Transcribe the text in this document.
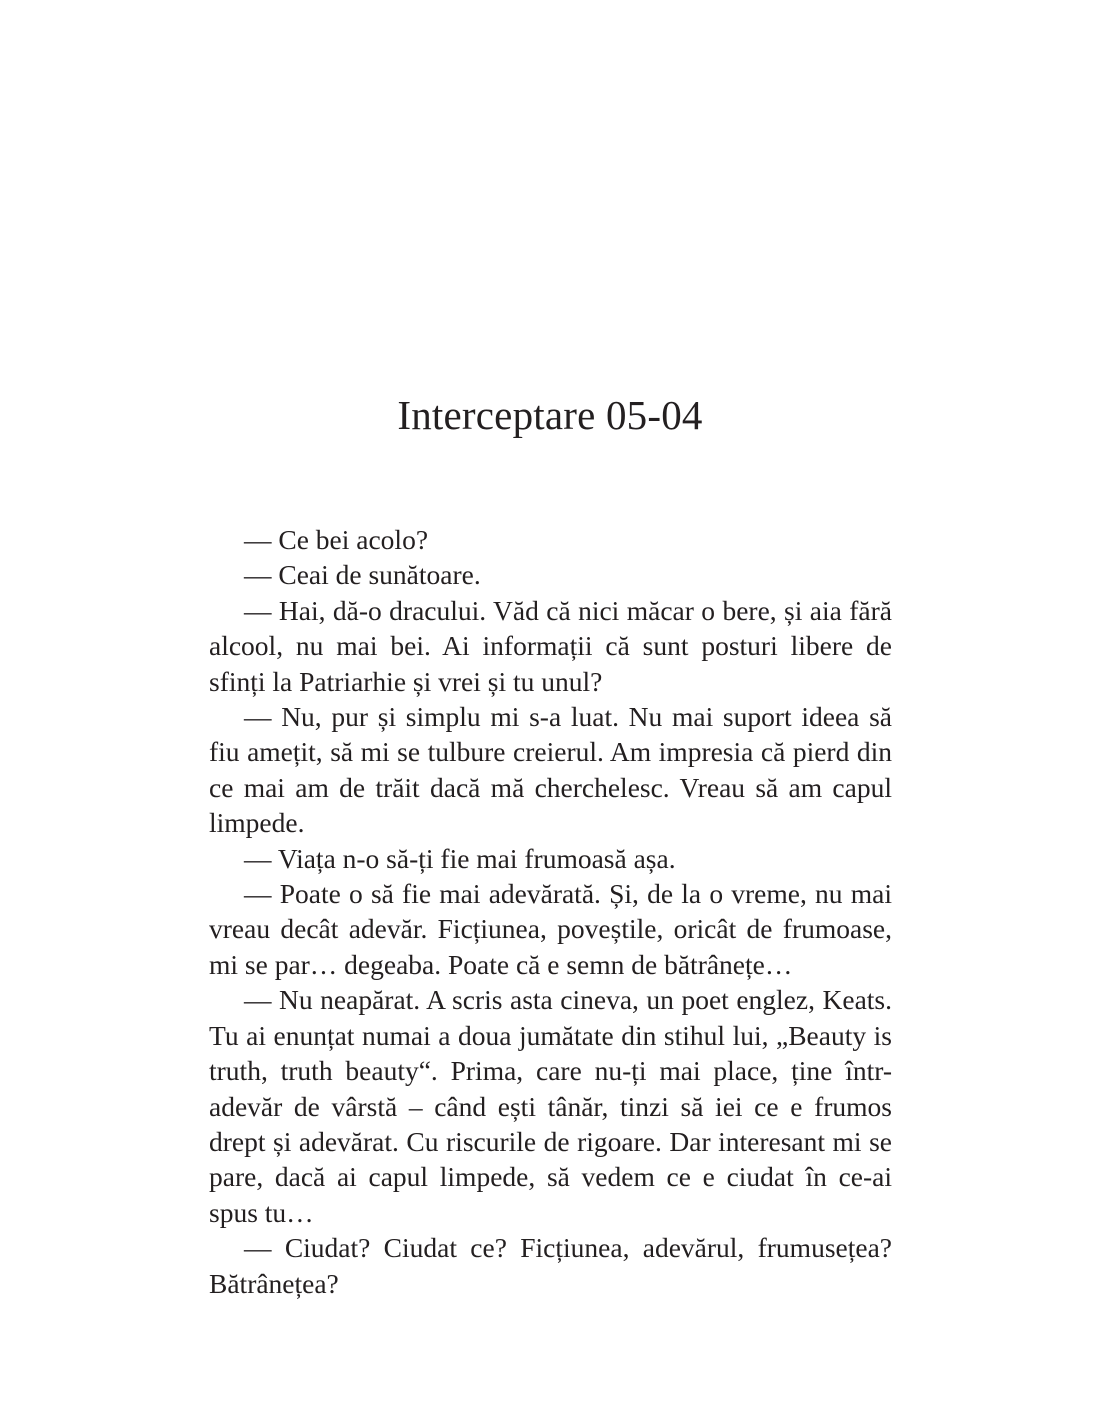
Interceptare 05-04

— Ce bei acolo?

— Ceai de sunătoare.

— Hai, dă-o dracului. Văd că nici măcar o bere, și aia fără alcool, nu mai bei. Ai informații că sunt posturi libere de sfinți la Patriarhie și vrei și tu unul?

— Nu, pur și simplu mi s-a luat. Nu mai suport ideea să fiu amețit, să mi se tulbure creierul. Am impresia că pierd din ce mai am de trăit dacă mă cherchelesc. Vreau să am capul limpede.

— Viața n-o să-ți fie mai frumoasă așa.

— Poate o să fie mai adevărată. Și, de la o vreme, nu mai vreau decât adevăr. Ficțiunea, poveștile, oricât de frumoase, mi se par… degeaba. Poate că e semn de bătrânețe…

— Nu neapărat. A scris asta cineva, un poet englez, Keats. Tu ai enunțat numai a doua jumătate din stihul lui, „Beauty is truth, truth beauty“. Prima, care nu-ți mai place, ține într-adevăr de vârstă – când ești tânăr, tinzi să iei ce e frumos drept și adevărat. Cu riscurile de rigoare. Dar interesant mi se pare, dacă ai capul limpede, să vedem ce e ciudat în ce-ai spus tu…

— Ciudat? Ciudat ce? Ficțiunea, adevărul, frumusețea? Bătrânețea?
